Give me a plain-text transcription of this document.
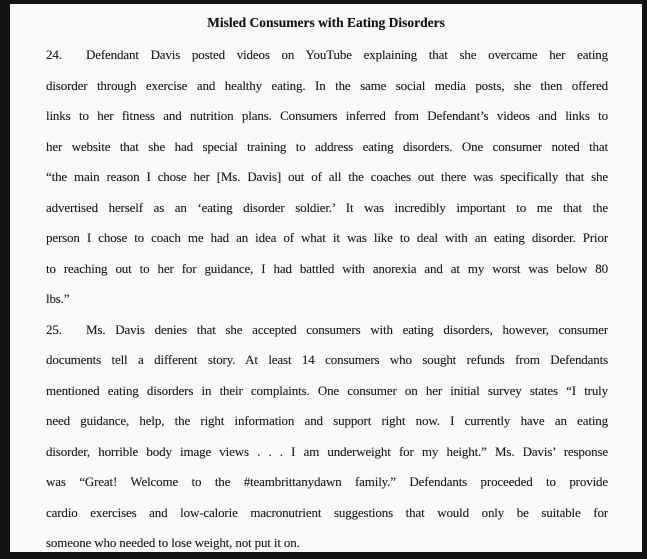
Misled Consumers with Eating Disorders
24. Defendant Davis posted videos on YouTube explaining that she overcame her eating
disorder through exercise and healthy eating. In the same social media posts, she then offered
links to her fitness and nutrition plans. Consumers inferred from Defendant’s videos and links to
her website that she had special training to address eating disorders. One consumer noted that
“the main reason I chose her [Ms. Davis] out of all the coaches out there was specifically that she
advertised herself as an ‘eating disorder soldier.’ It was incredibly important to me that the
person I chose to coach me had an idea of what it was like to deal with an eating disorder. Prior
to reaching out to her for guidance, I had battled with anorexia and at my worst was below 80
lbs.”
25. Ms. Davis denies that she accepted consumers with eating disorders, however, consumer
documents tell a different story. At least 14 consumers who sought refunds from Defendants
mentioned eating disorders in their complaints. One consumer on her initial survey states “I truly
need guidance, help, the right information and support right now. I currently have an eating
disorder, horrible body image views . . . I am underweight for my height.” Ms. Davis’ response
was “Great! Welcome to the #teambrittanydawn family.” Defendants proceeded to provide
cardio exercises and low-calorie macronutrient suggestions that would only be suitable for
someone who needed to lose weight, not put it on.
